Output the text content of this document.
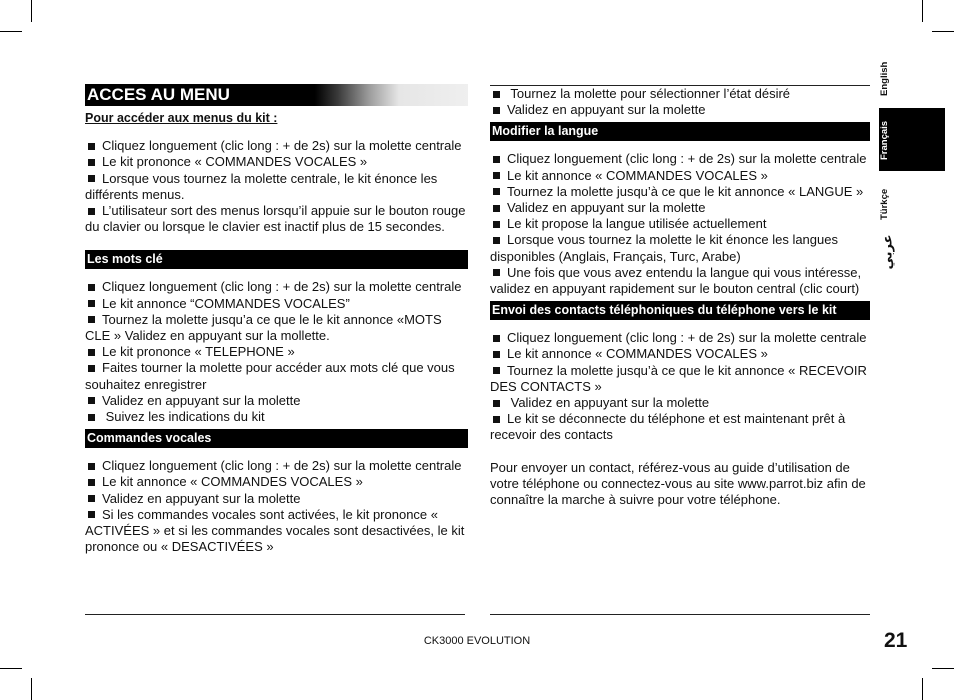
ACCES AU MENU
Pour accéder aux menus du kit :

Cliquez longuement (clic long : + de 2s) sur la molette centrale

Le kit prononce « COMMANDES VOCALES »

Lorsque vous tournez la molette centrale, le kit énonce les différents menus.

L’utilisateur sort des menus lorsqu’il appuie sur le bouton rouge du clavier ou lorsque le clavier est inactif plus de 15 secondes.

Les mots clé

Cliquez longuement (clic long : + de 2s) sur la molette centrale

Le kit annonce “COMMANDES VOCALES”

Tournez la molette jusqu’a ce que le le kit annonce «MOTS CLE » Validez en appuyant sur la mollette.

Le kit prononce « TELEPHONE »

Faites tourner la molette pour accéder aux mots clé que vous souhaitez enregistrer

Validez en appuyant sur la molette

Suivez les indications du kit

Commandes vocales

Cliquez longuement (clic long : + de 2s) sur la molette centrale

Le kit annonce « COMMANDES VOCALES »

Validez en appuyant sur la molette

Si les commandes vocales sont activées, le kit prononce « ACTIVÉES » et si les commandes vocales sont desactivées, le kit prononce ou « DESACTIVÉES »

Tournez la molette pour sélectionner l’état désiré

Validez en appuyant sur la molette

Modifier la langue

Cliquez longuement (clic long : + de 2s) sur la molette centrale

Le kit annonce « COMMANDES VOCALES »

Tournez la molette jusqu’à ce que le kit annonce « LANGUE »

Validez en appuyant sur la molette

Le kit propose la langue utilisée actuellement

Lorsque vous tournez la molette le kit énonce les langues disponibles (Anglais, Français, Turc, Arabe)

Une fois que vous avez entendu la langue qui vous intéresse, validez en appuyant rapidement sur le bouton central (clic court)

Envoi des contacts téléphoniques du téléphone vers le kit

Cliquez longuement (clic long : + de 2s) sur la molette centrale

Le kit annonce « COMMANDES VOCALES »

Tournez la molette jusqu’à ce que le kit annonce « RECEVOIR DES CONTACTS »

Validez en appuyant sur la molette

Le kit se déconnecte du téléphone et est maintenant prêt à recevoir des contacts

Pour envoyer un contact, référez-vous au guide d’utilisation de votre téléphone ou connectez-vous au site www.parrot.biz afin de connaître la marche à suivre pour votre téléphone.

English
Français
Türkçe
عربي
CK3000 EVOLUTION	21
